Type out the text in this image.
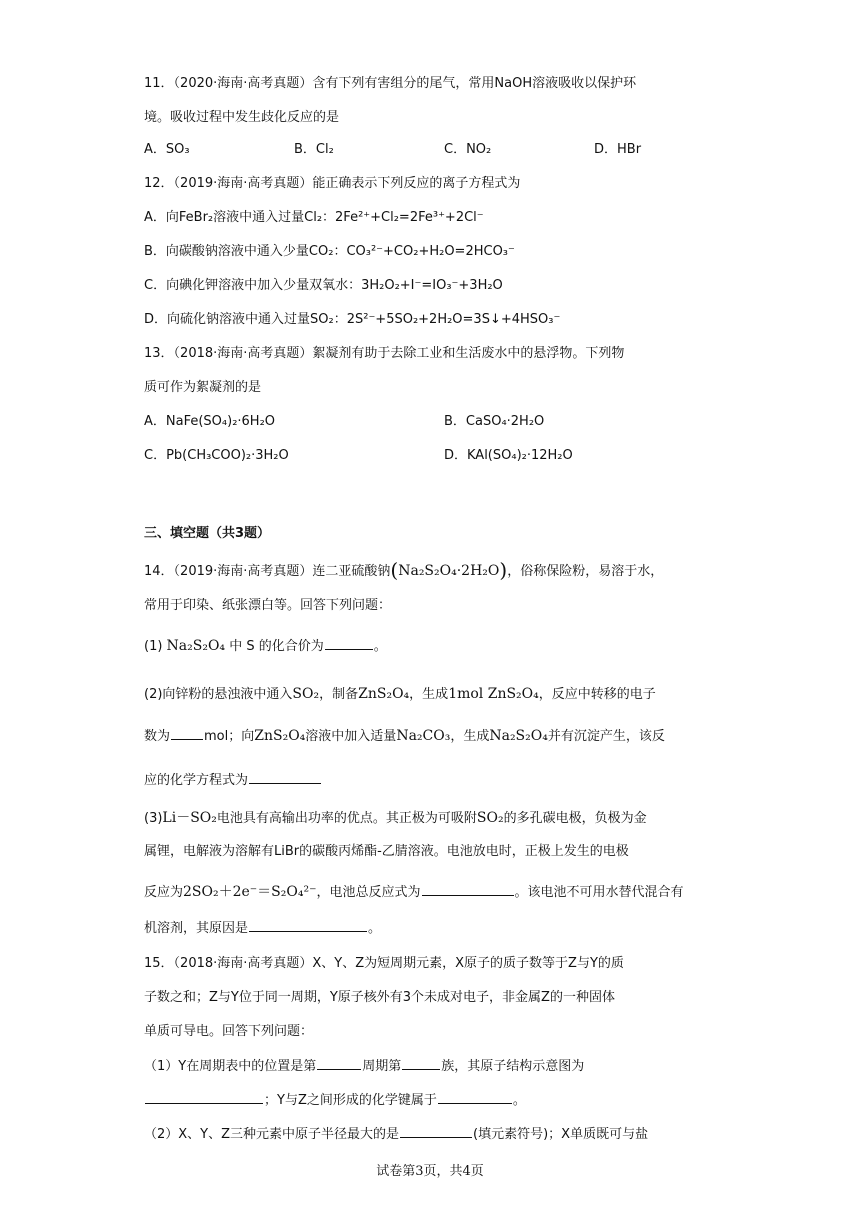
11．（2020·海南·高考真题）含有下列有害组分的尾气，常用NaOH溶液吸收以保护环
境。吸收过程中发生歧化反应的是
A．SO₃	B．Cl₂	C．NO₂	D．HBr
12．（2019·海南·高考真题）能正确表示下列反应的离子方程式为
A．向FeBr₂溶液中通入过量Cl₂：2Fe²⁺+Cl₂=2Fe³⁺+2Cl⁻
B．向碳酸钠溶液中通入少量CO₂：CO₃²⁻+CO₂+H₂O=2HCO₃⁻
C．向碘化钾溶液中加入少量双氧水：3H₂O₂+I⁻=IO₃⁻+3H₂O
D．向硫化钠溶液中通入过量SO₂：2S²⁻+5SO₂+2H₂O=3S↓+4HSO₃⁻
13．（2018·海南·高考真题）絮凝剂有助于去除工业和生活废水中的悬浮物。下列物
质可作为絮凝剂的是
A．NaFe(SO₄)₂·6H₂O	B．CaSO₄·2H₂O
C．Pb(CH₃COO)₂·3H₂O	D．KAl(SO₄)₂·12H₂O
三、填空题（共3题）
14．（2019·海南·高考真题）连二亚硫酸钠(Na₂S₂O₄·2H₂O)，俗称保险粉，易溶于水，
常用于印染、纸张漂白等。回答下列问题：
(1) Na₂S₂O₄ 中 S 的化合价为	。
(2)向锌粉的悬浊液中通入SO₂，制备ZnS₂O₄，生成1mol ZnS₂O₄，反应中转移的电子
数为	mol；向ZnS₂O₄溶液中加入适量Na₂CO₃，生成Na₂S₂O₄并有沉淀产生，该反
应的化学方程式为
(3)Li－SO₂电池具有高输出功率的优点。其正极为可吸附SO₂的多孔碳电极，负极为金
属锂，电解液为溶解有LiBr的碳酸丙烯酯-乙腈溶液。电池放电时，正极上发生的电极
反应为2SO₂＋2e⁻＝S₂O₄²⁻，电池总反应式为	。该电池不可用水替代混合有
机溶剂，其原因是	。
15．（2018·海南·高考真题）X、Y、Z为短周期元素，X原子的质子数等于Z与Y的质
子数之和；Z与Y位于同一周期，Y原子核外有3个未成对电子，非金属Z的一种固体
单质可导电。回答下列问题：
（1）Y在周期表中的位置是第	周期第	族，其原子结构示意图为
；Y与Z之间形成的化学键属于	。
（2）X、Y、Z三种元素中原子半径最大的是	(填元素符号)；X单质既可与盐
试卷第3页，共4页
